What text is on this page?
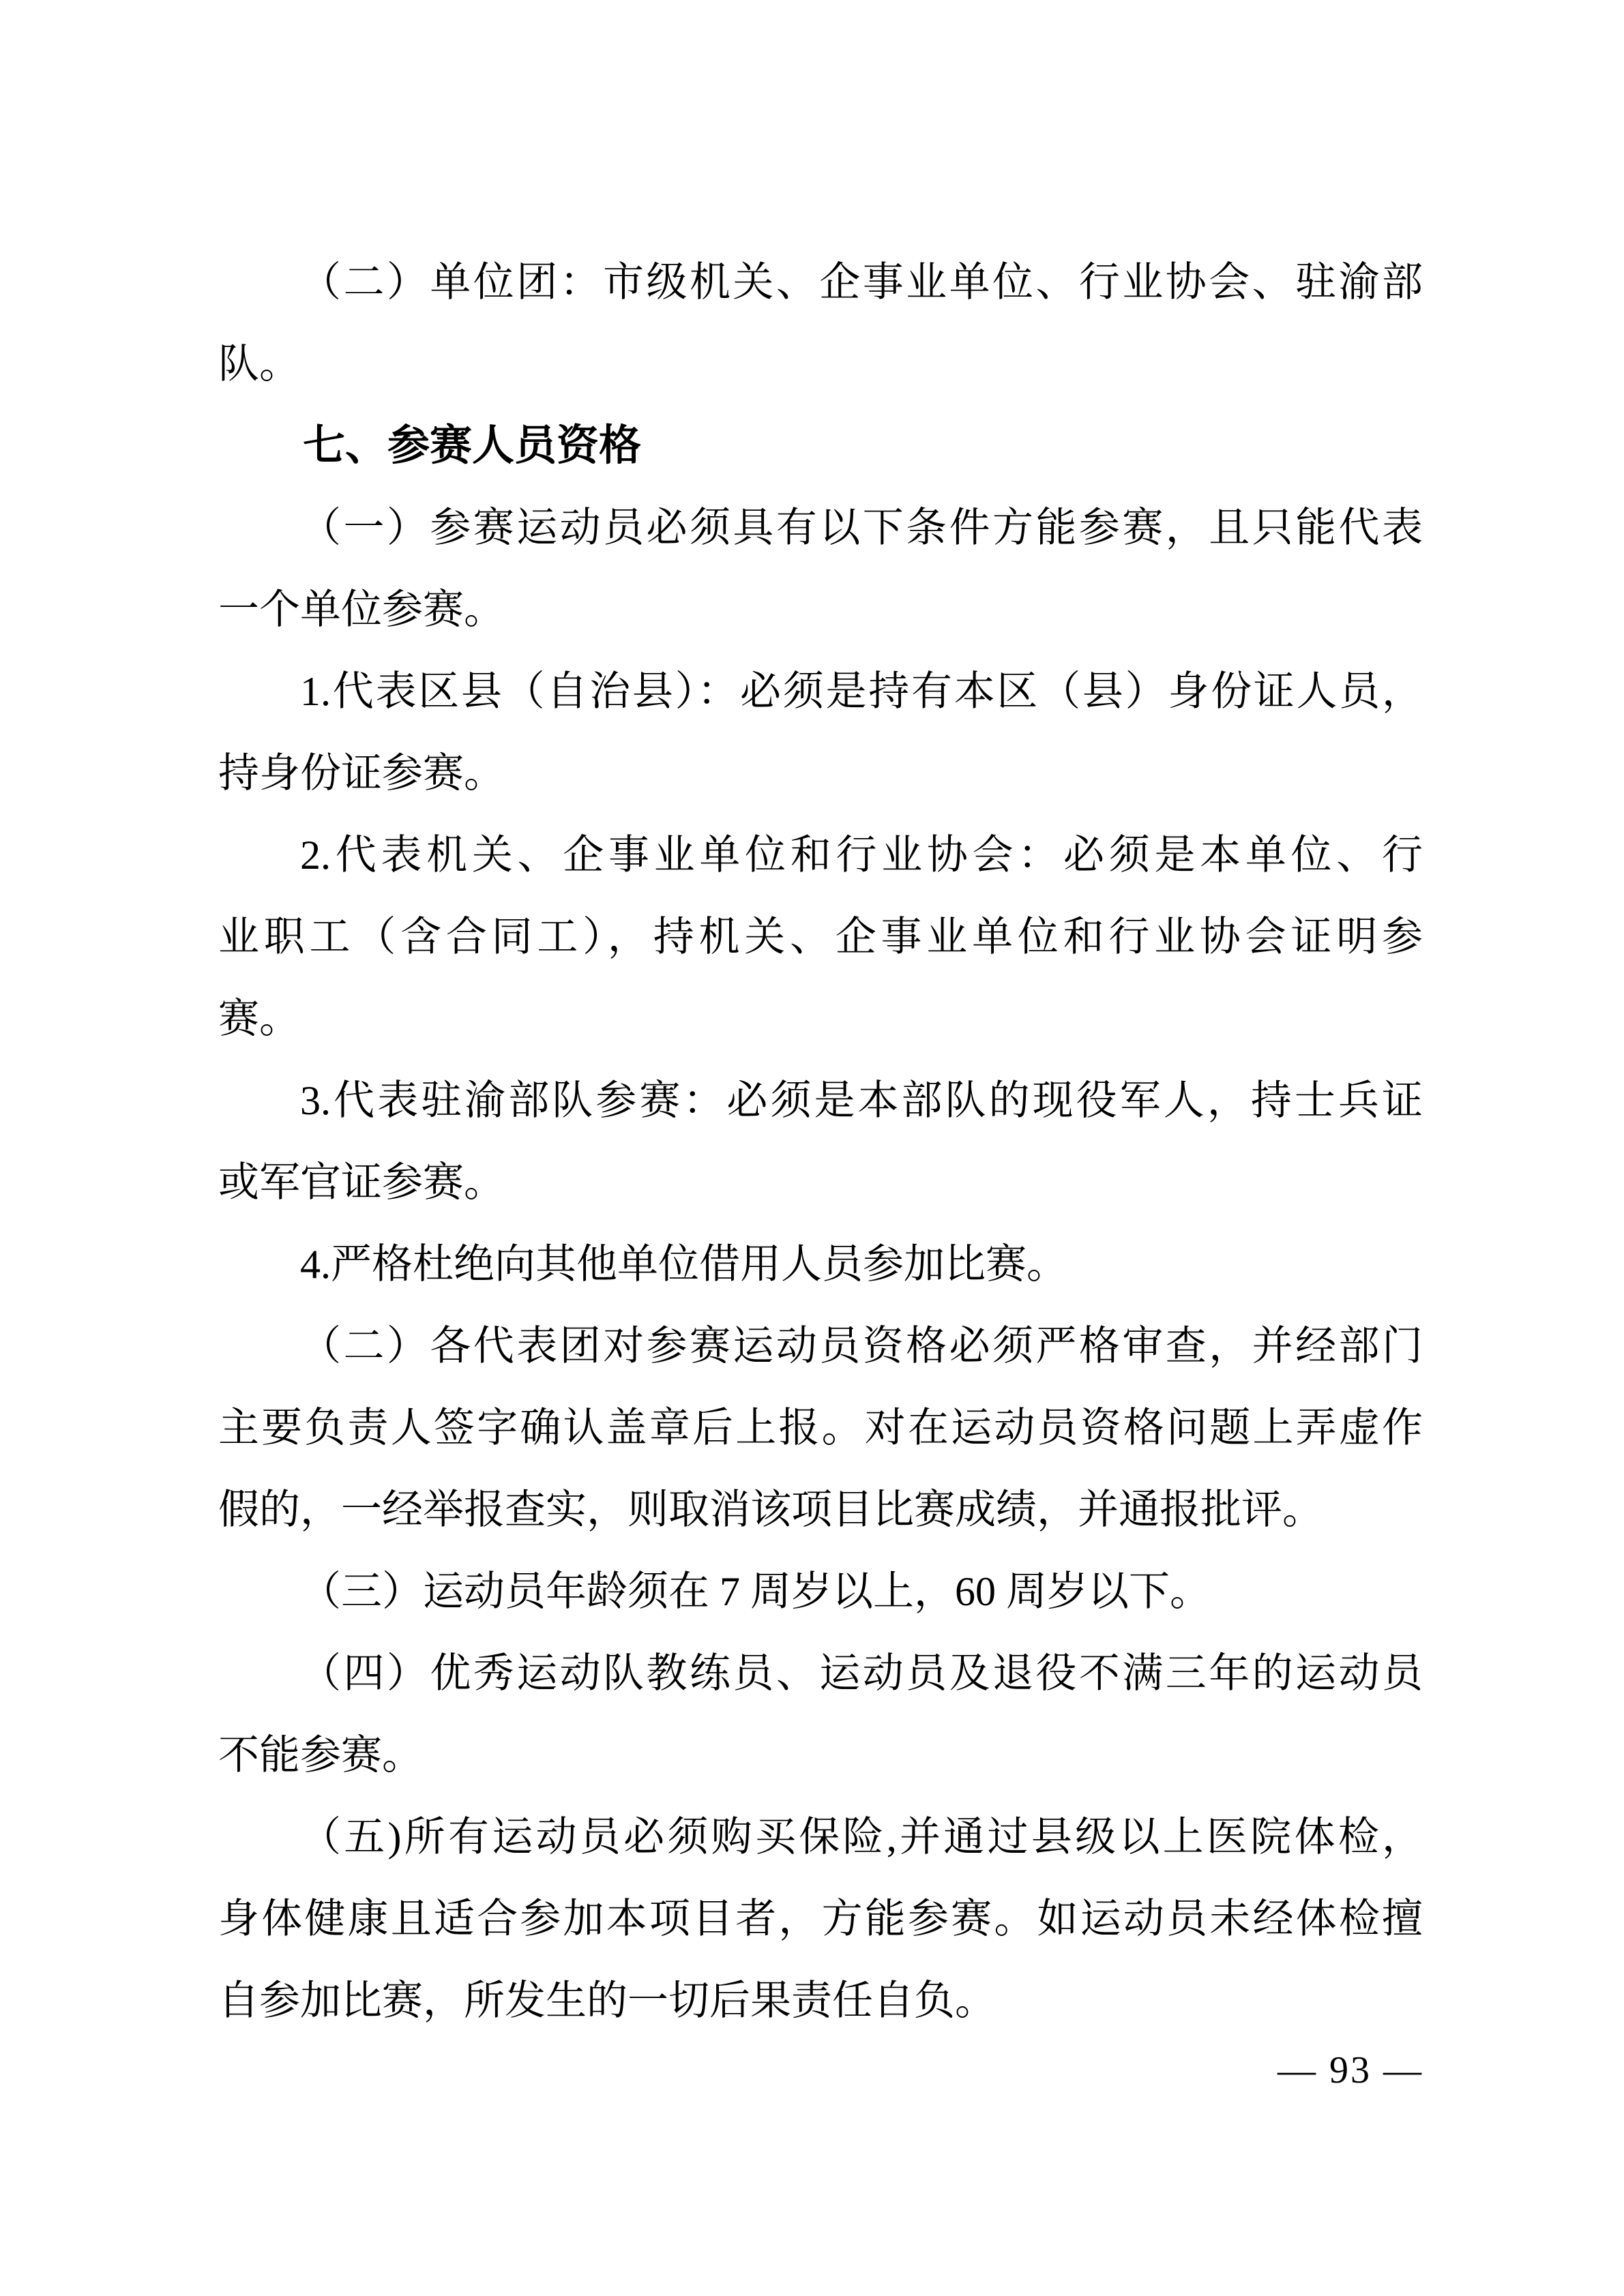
（二）单位团：市级机关、企事业单位、行业协会、驻渝部

队。

七、参赛人员资格

（一）参赛运动员必须具有以下条件方能参赛，且只能代表

一个单位参赛。

1.代表区县（自治县）：必须是持有本区（县）身份证人员，

持身份证参赛。

2.代表机关、企事业单位和行业协会：必须是本单位、行

业职工（含合同工），持机关、企事业单位和行业协会证明参

赛。

3.代表驻渝部队参赛：必须是本部队的现役军人，持士兵证

或军官证参赛。

4.严格杜绝向其他单位借用人员参加比赛。

（二）各代表团对参赛运动员资格必须严格审查，并经部门

主要负责人签字确认盖章后上报。对在运动员资格问题上弄虚作

假的，一经举报查实，则取消该项目比赛成绩，并通报批评。

（三）运动员年龄须在 7 周岁以上，60 周岁以下。

（四）优秀运动队教练员、运动员及退役不满三年的运动员

不能参赛。

（五)所有运动员必须购买保险,并通过县级以上医院体检，

身体健康且适合参加本项目者，方能参赛。如运动员未经体检擅

自参加比赛，所发生的一切后果责任自负。

— 93 —
